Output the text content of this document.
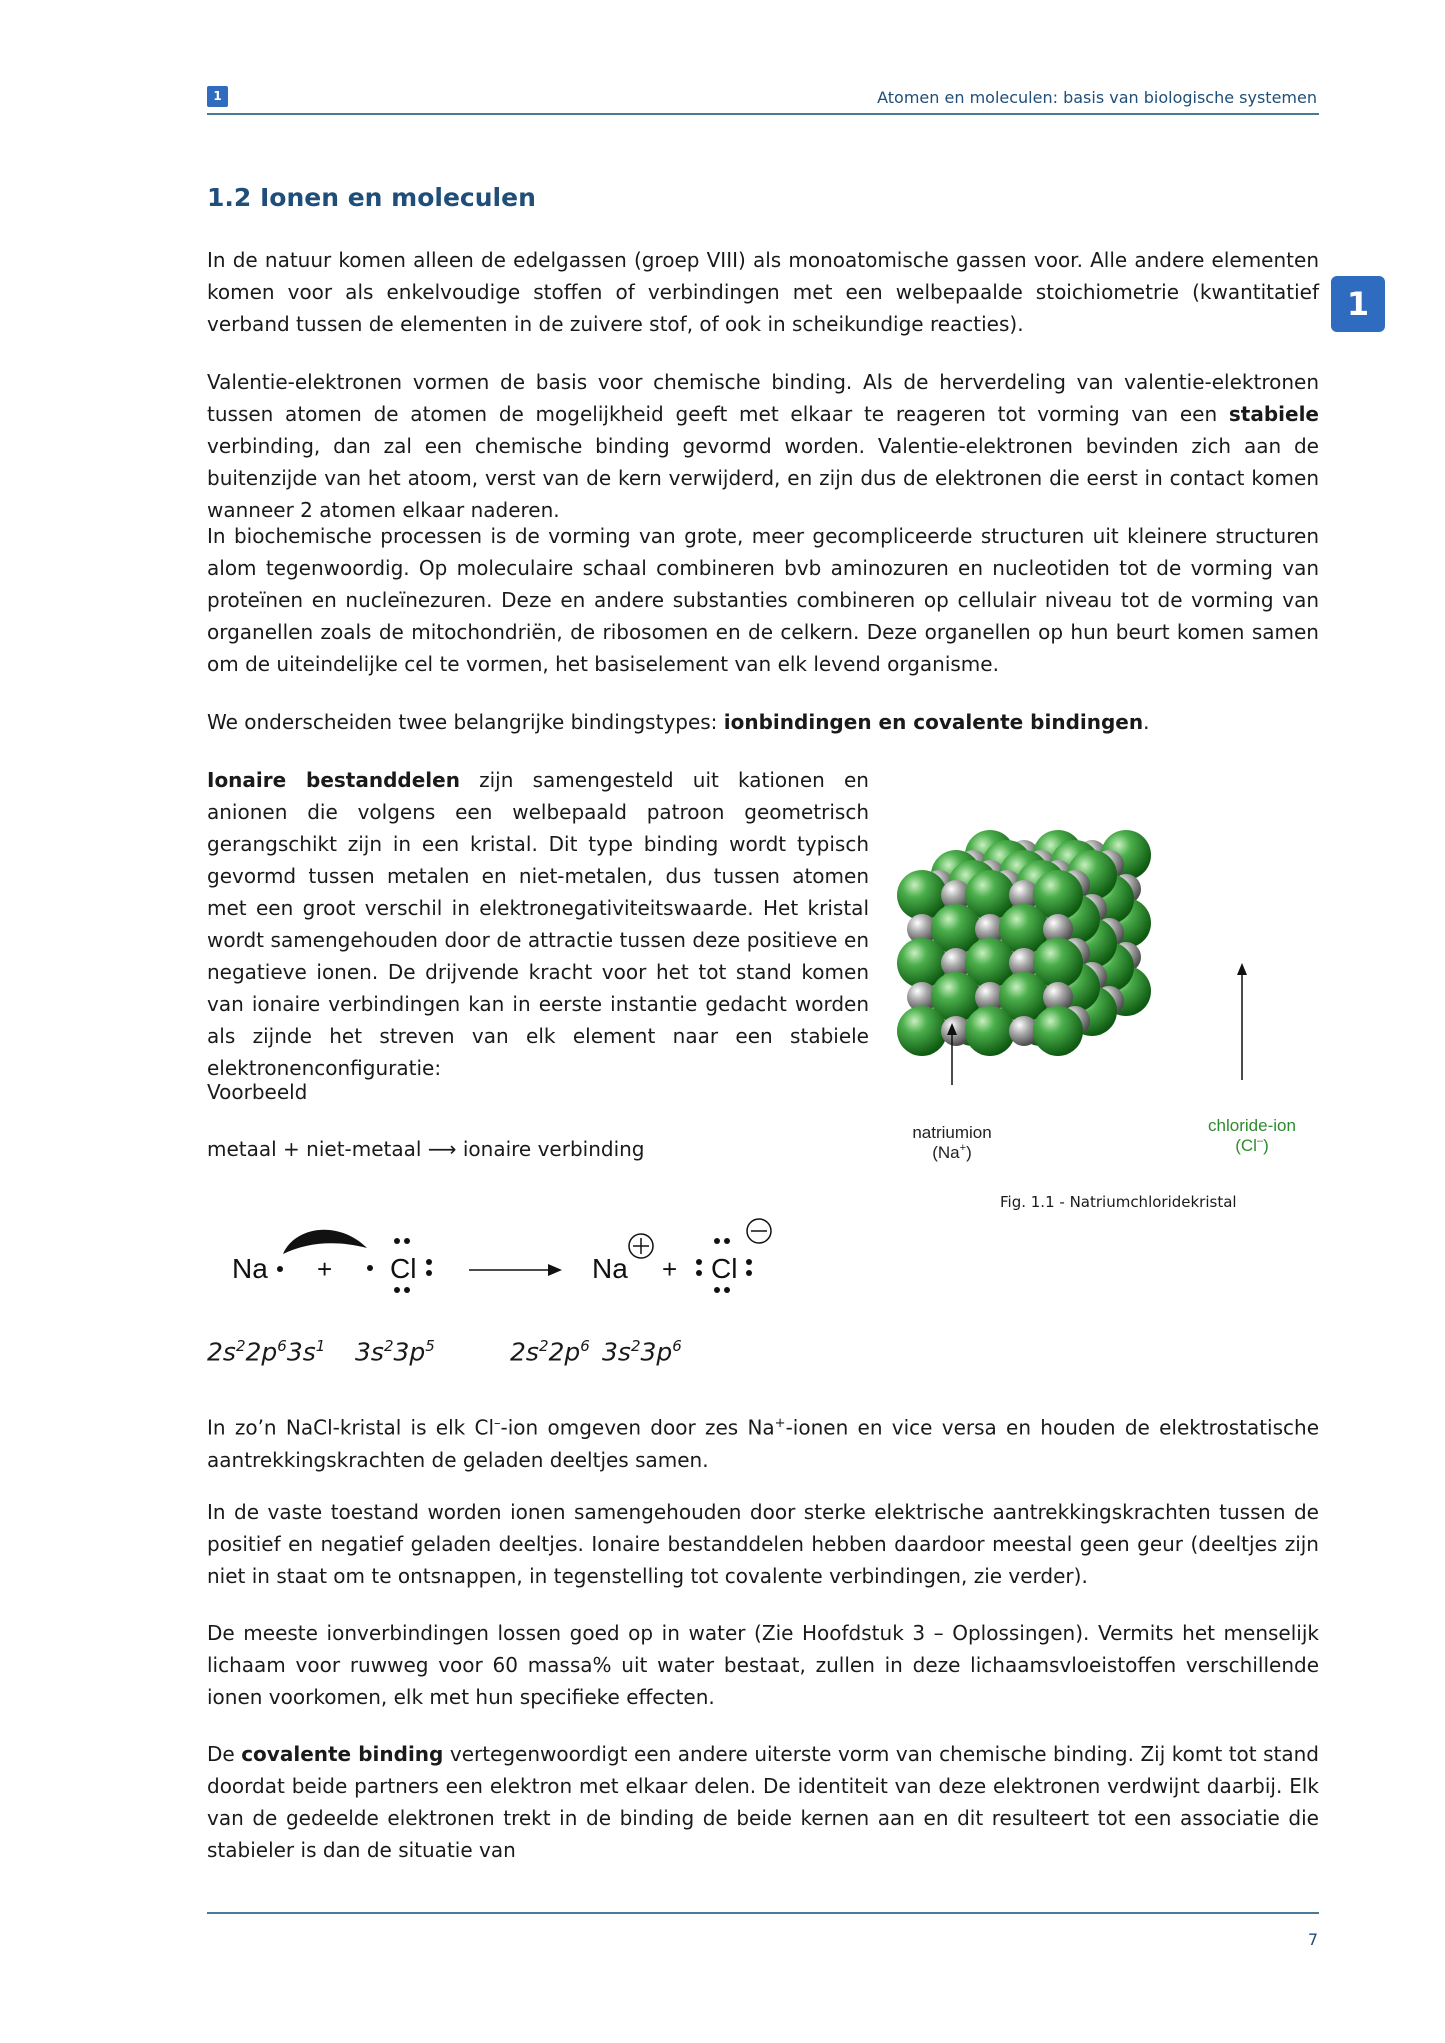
1	Atomen en moleculen: basis van biologische systemen
1
1.2 Ionen en moleculen

In de natuur komen alleen de edelgassen (groep VIII) als monoatomische gassen voor. Alle andere elementen komen voor als enkelvoudige stoffen of verbindingen met een welbepaalde stoichiometrie (kwantitatief verband tussen de elementen in de zuivere stof, of ook in scheikundige reacties).

Valentie-elektronen vormen de basis voor chemische binding. Als de herverdeling van valentie-elektronen tussen atomen de atomen de mogelijkheid geeft met elkaar te reageren tot vorming van een stabiele verbinding, dan zal een chemische binding gevormd worden. Valentie-elektronen bevinden zich aan de buitenzijde van het atoom, verst van de kern verwijderd, en zijn dus de elektronen die eerst in contact komen wanneer 2 atomen elkaar naderen.

In biochemische processen is de vorming van grote, meer gecompliceerde structuren uit kleinere structuren alom tegenwoordig. Op moleculaire schaal combineren bvb aminozuren en nucleotiden tot de vorming van proteïnen en nucleïnezuren. Deze en andere substanties combineren op cellulair niveau tot de vorming van organellen zoals de mitochondriën, de ribosomen en de celkern. Deze organellen op hun beurt komen samen om de uiteindelijke cel te vormen, het basiselement van elk levend organisme.

We onderscheiden twee belangrijke bindingstypes: ionbindingen en covalente bindingen.

Ionaire bestanddelen zijn samengesteld uit kationen en anionen die volgens een welbepaald patroon geometrisch gerangschikt zijn in een kristal. Dit type binding wordt typisch gevormd tussen metalen en niet-metalen, dus tussen atomen met een groot verschil in elektronegativiteitswaarde. Het kristal wordt samengehouden door de attractie tussen deze positieve en negatieve ionen. De drijvende kracht voor het tot stand komen van ionaire verbindingen kan in eerste instantie gedacht worden als zijnde het streven van elk element naar een stabiele elektronenconfiguratie:

Voorbeeld

metaal + niet-metaal ⟶ ionaire verbinding

natriumion
(Na+)
chloride-ion
(Cl–)
Fig. 1.1 - Natriumchloridekristal
Na + Cl	Na + Cl
$2s^22p^63s^1$ $3s^23p^5$	$2s^22p^6$ $3s^23p^6$

In zo’n NaCl-kristal is elk Cl–-ion omgeven door zes Na+-ionen en vice versa en houden de elektrostatische aantrekkingskrachten de geladen deeltjes samen.

In de vaste toestand worden ionen samengehouden door sterke elektrische aantrekkingskrachten tussen de positief en negatief geladen deeltjes. Ionaire bestanddelen hebben daardoor meestal geen geur (deeltjes zijn niet in staat om te ontsnappen, in tegenstelling tot covalente verbindingen, zie verder).

De meeste ionverbindingen lossen goed op in water (Zie Hoofdstuk 3 – Oplossingen). Vermits het menselijk lichaam voor ruwweg voor 60 massa% uit water bestaat, zullen in deze lichaamsvloeistoffen verschillende ionen voorkomen, elk met hun specifieke effecten.

De covalente binding vertegenwoordigt een andere uiterste vorm van chemische binding. Zij komt tot stand doordat beide partners een elektron met elkaar delen. De identiteit van deze elektronen verdwijnt daarbij. Elk van de gedeelde elektronen trekt in de binding de beide kernen aan en dit resulteert tot een associatie die stabieler is dan de situatie van

7
